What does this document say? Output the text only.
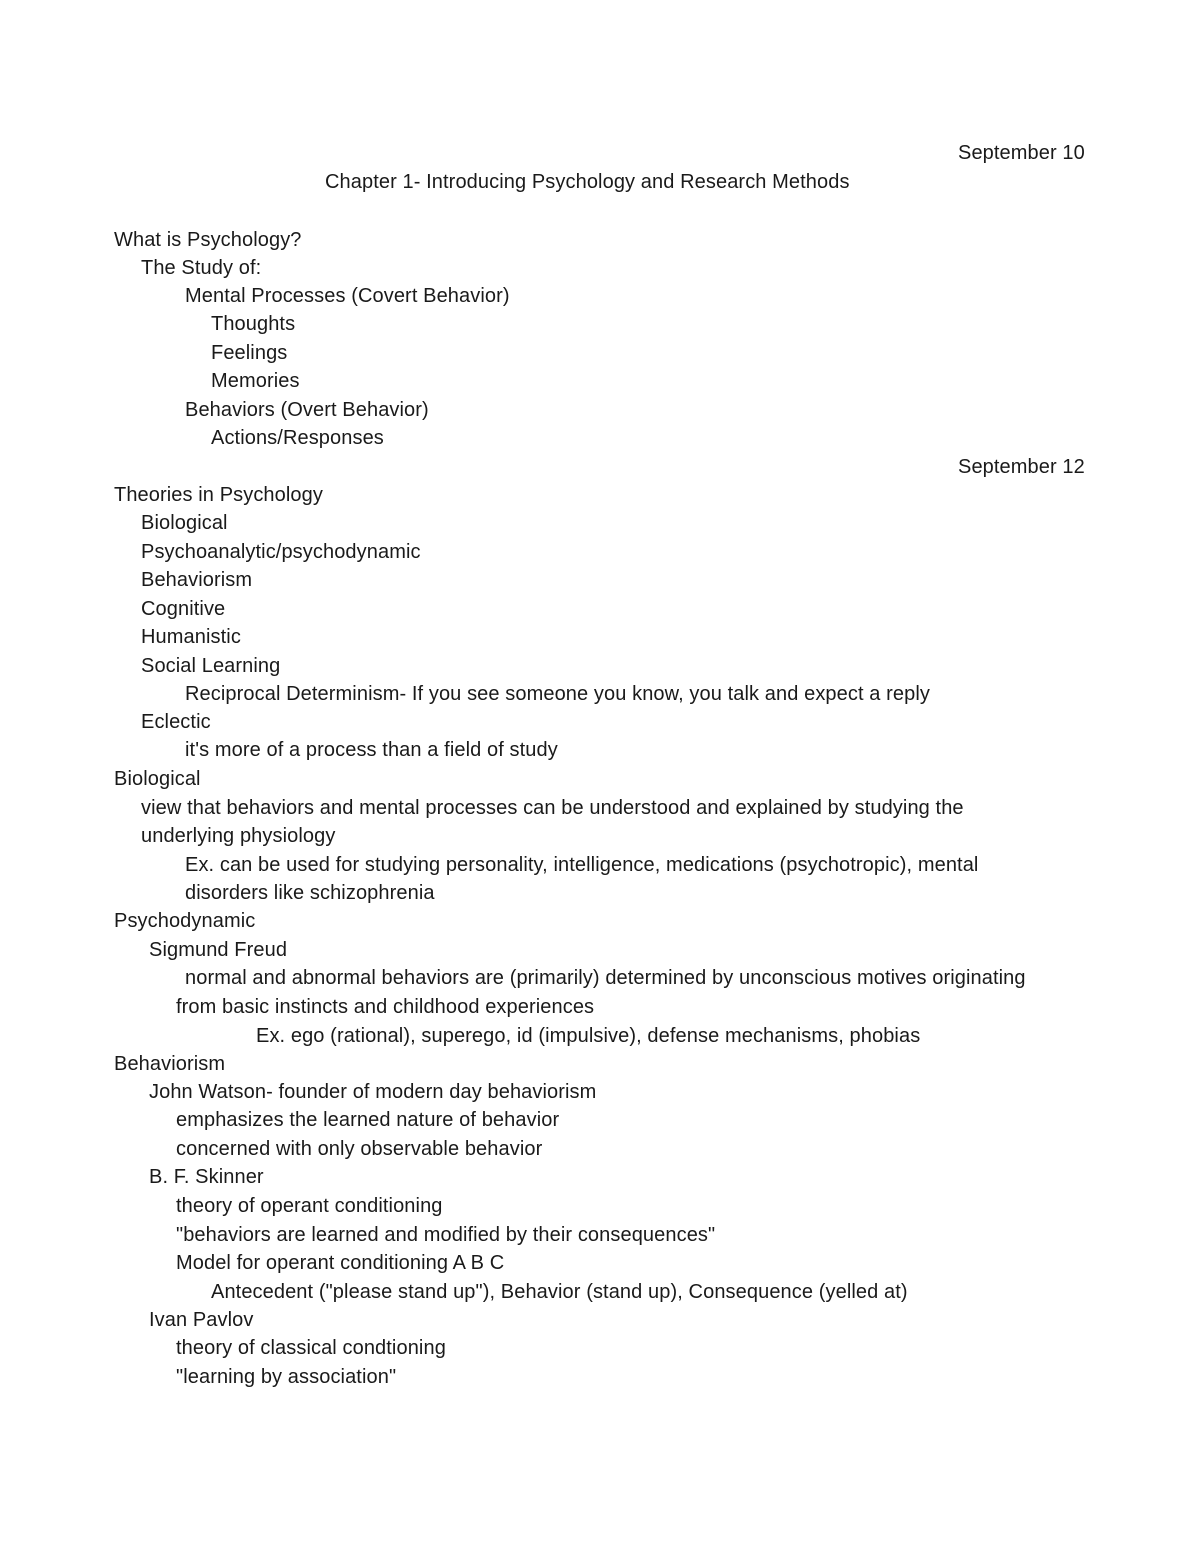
September 10

Chapter 1- Introducing Psychology and Research Methods

What is Psychology?

The Study of:

Mental Processes (Covert Behavior)

Thoughts

Feelings

Memories

Behaviors (Overt Behavior)

Actions/Responses

September 12

Theories in Psychology

Biological

Psychoanalytic/psychodynamic

Behaviorism

Cognitive

Humanistic

Social Learning

Reciprocal Determinism- If you see someone you know, you talk and expect a reply

Eclectic

it's more of a process than a field of study

Biological

view that behaviors and mental processes can be understood and explained by studying the

underlying physiology

Ex. can be used for studying personality, intelligence, medications (psychotropic), mental

disorders like schizophrenia

Psychodynamic

Sigmund Freud

normal and abnormal behaviors are (primarily) determined by unconscious motives originating

from basic instincts and childhood experiences

Ex. ego (rational), superego, id (impulsive), defense mechanisms, phobias

Behaviorism

John Watson- founder of modern day behaviorism

emphasizes the learned nature of behavior

concerned with only observable behavior

B. F. Skinner

theory of operant conditioning

"behaviors are learned and modified by their consequences"

Model for operant conditioning A B C

Antecedent ("please stand up"), Behavior (stand up), Consequence (yelled at)

Ivan Pavlov

theory of classical condtioning

"learning by association"
